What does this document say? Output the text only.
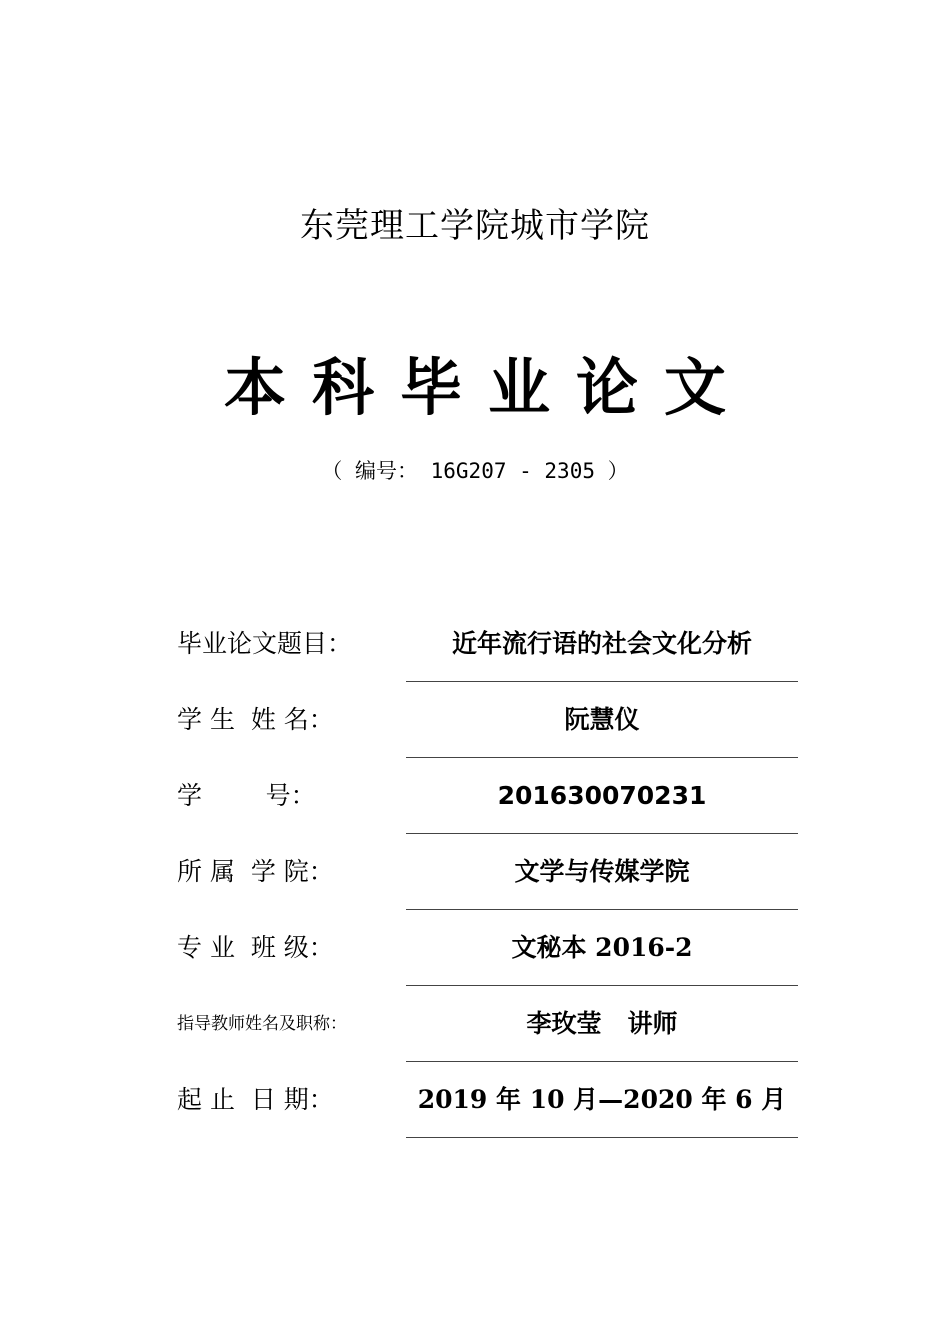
东莞理工学院城市学院
本科毕业论文
（ 编号： 16G207 - 2305 ）
毕业论文题目：	近年流行语的社会文化分析
学 生  姓 名：	阮慧仪
学        号：	201630070231
所 属  学 院：	文学与传媒学院
专 业  班 级：	文秘本 2016-2
指导教师姓名及职称：	李玫莹   讲师
起 止  日 期：	2019 年 10 月—2020 年 6 月
